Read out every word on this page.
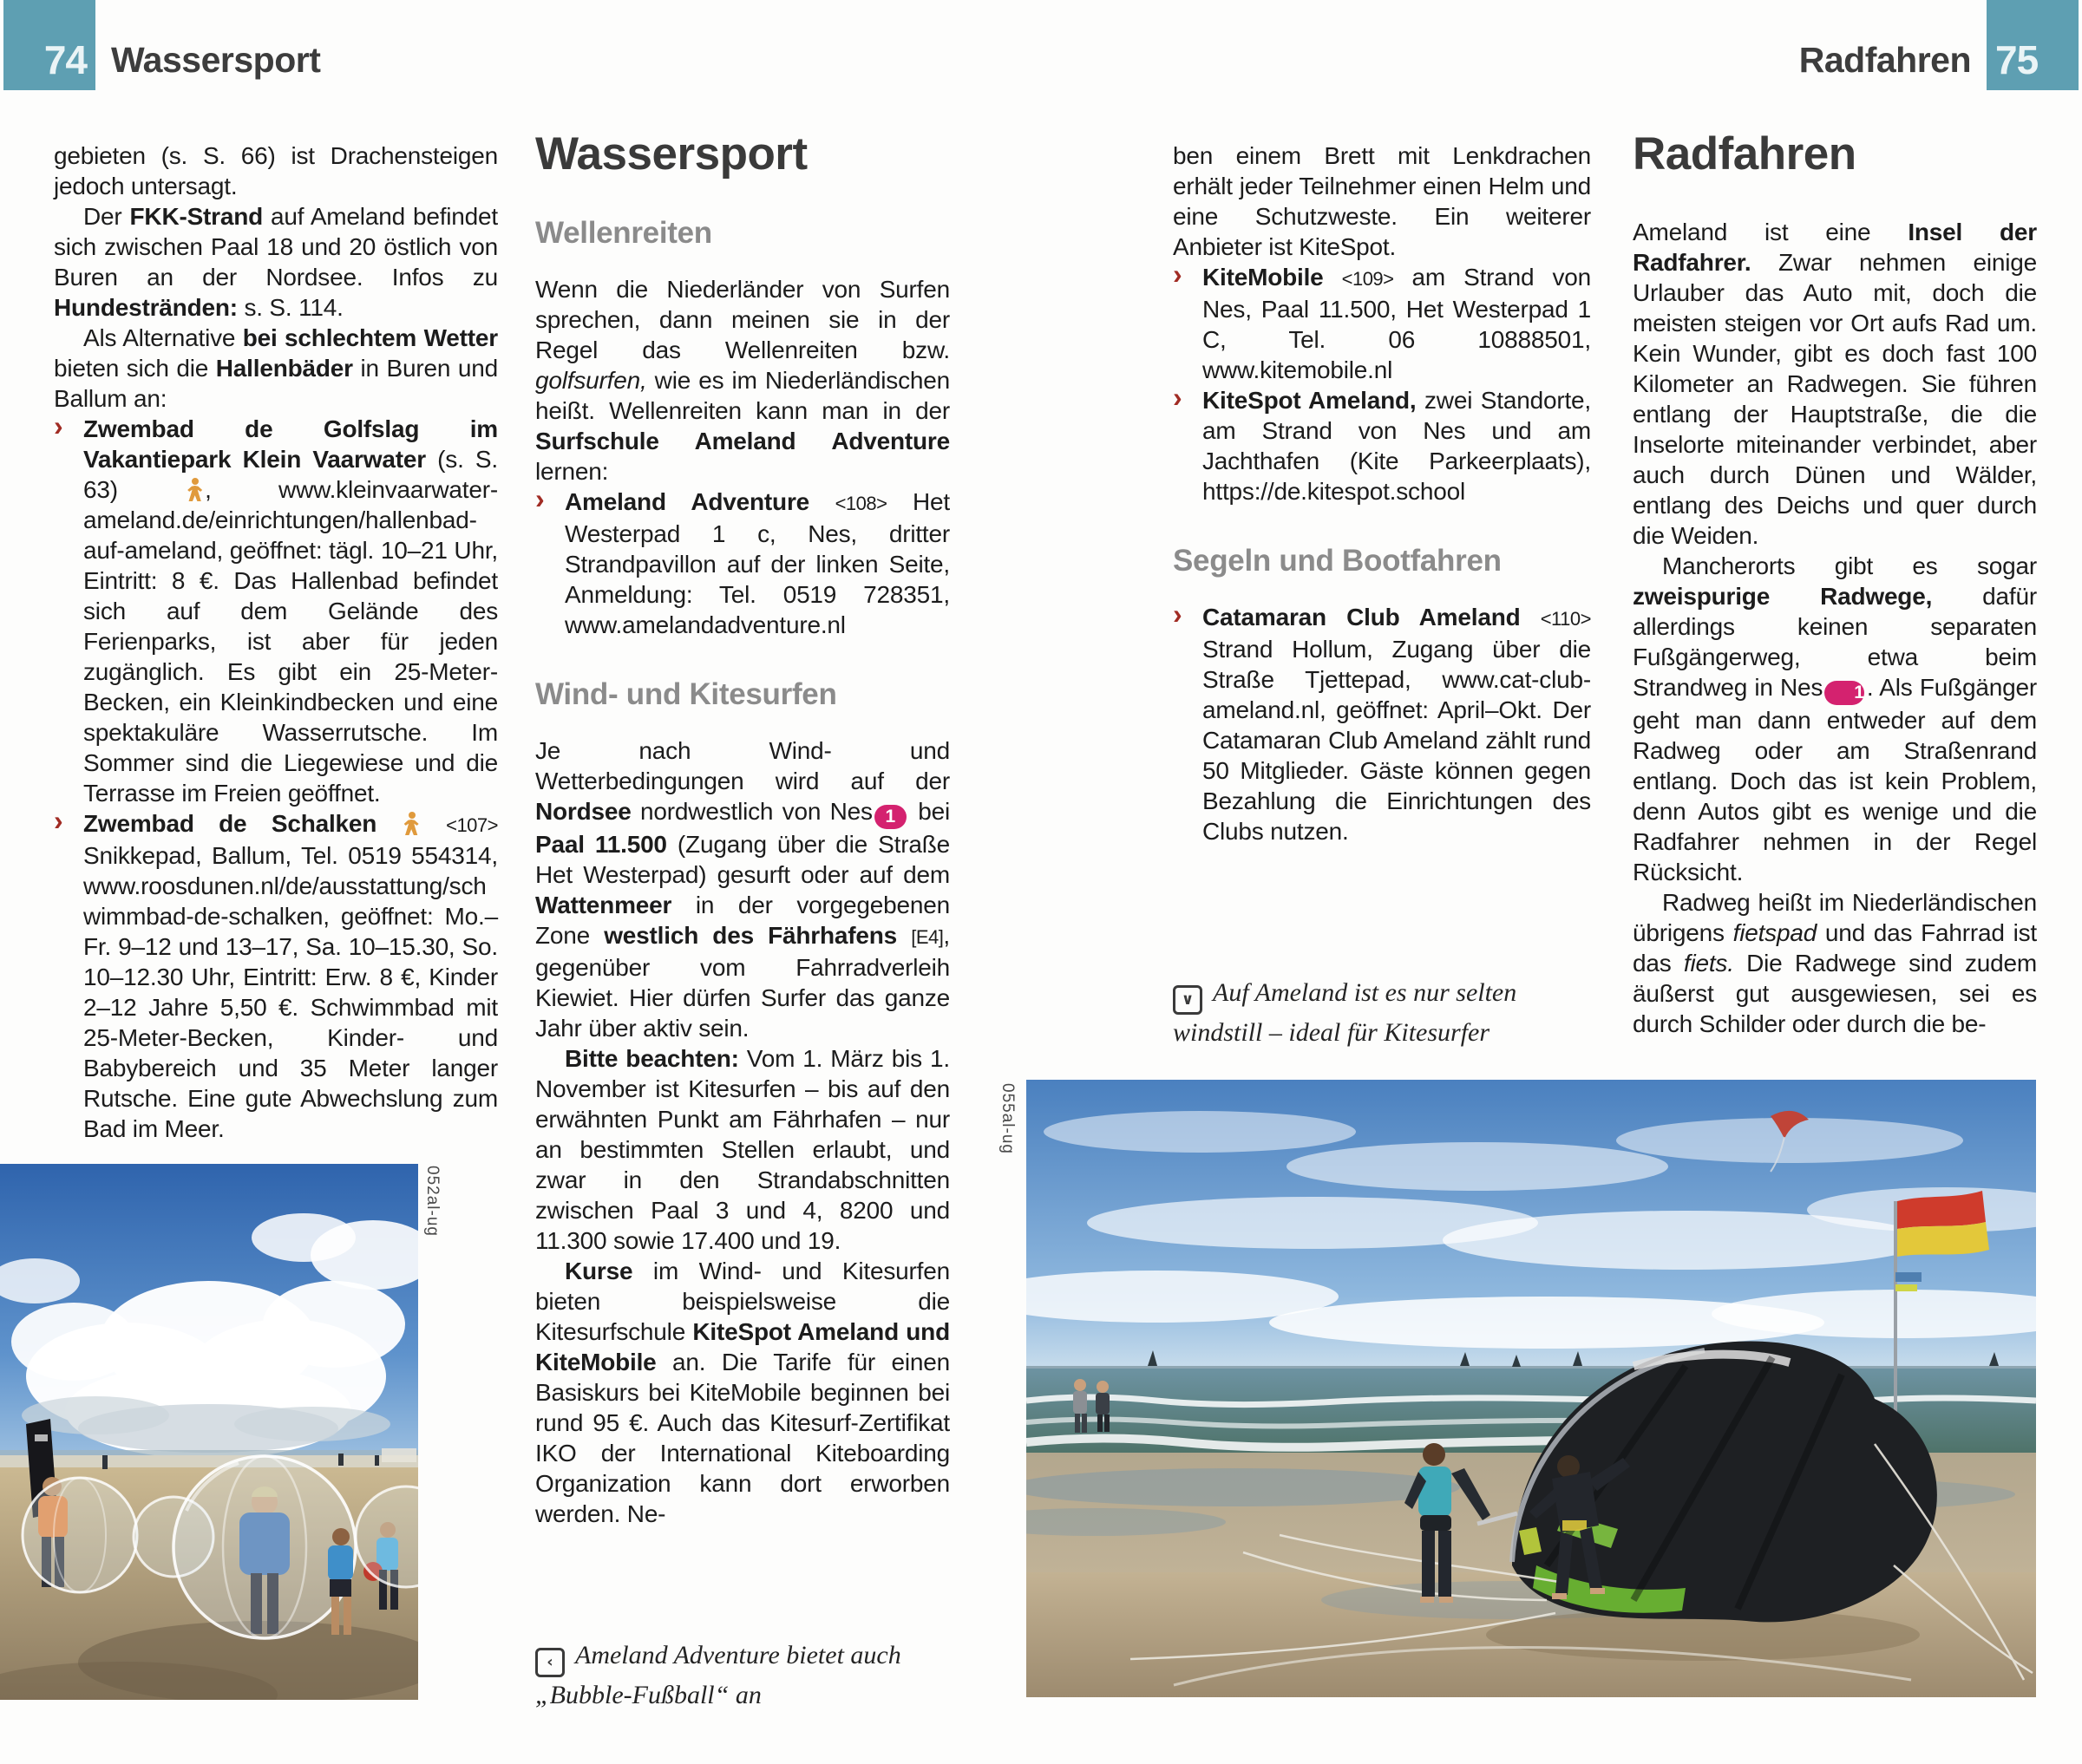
74 Wassersport	Radfahren 75

gebieten (s. S. 66) ist Drachensteigen jedoch untersagt.

Der FKK-Strand auf Ameland befindet sich zwischen Paal 18 und 20 östlich von Buren an der Nordsee. Infos zu Hundestränden: s. S. 114.

Als Alternative bei schlechtem Wetter bieten sich die Hallenbäder in Buren und Ballum an:

› Zwembad de Golfslag im Vakantiepark Klein Vaarwater (s. S. 63) , www.kleinvaarwater-ameland.de/einrichtungen/hallenbad-auf-ameland, geöffnet: tägl. 10–21 Uhr, Eintritt: 8 €. Das Hallenbad befindet sich auf dem Gelände des Ferienparks, ist aber für jeden zugänglich. Es gibt ein 25-Meter-Becken, ein Kleinkindbecken und eine spektakuläre Wasserrutsche. Im Sommer sind die Liegewiese und die Terrasse im Freien geöffnet.
› Zwembad de Schalken	<107> Snikkepad, Ballum, Tel. 0519 554314, www.roosdunen.nl/de/ausstattung/schwimmbad-de-schalken, geöffnet: Mo.–Fr. 9–12 und 13–17, Sa. 10–15.30, So. 10–12.30 Uhr, Eintritt: Erw. 8 €, Kinder 2–12 Jahre 5,50 €. Schwimmbad mit 25-Meter-Becken, Kinder- und Babybereich und 35 Meter langer Rutsche. Eine gute Abwechslung zum Bad im Meer.
Wassersport
Wellenreiten

Wenn die Niederländer von Surfen sprechen, dann meinen sie in der Regel das Wellenreiten bzw. golfsurfen, wie es im Niederländischen heißt. Wellenreiten kann man in der Surfschule Ameland Adventure lernen:

› Ameland Adventure <108> Het Westerpad 1 c, Nes, dritter Strandpavillon auf der linken Seite, Anmeldung: Tel. 0519 728351, www.amelandadventure.nl
Wind- und Kitesurfen

Je nach Wind- und Wetterbedingungen wird auf der Nordsee nordwestlich von Nes 1 bei Paal 11.500 (Zugang über die Straße Het Westerpad) gesurft oder auf dem Wattenmeer in der vorgegebenen Zone westlich des Fährhafens [E4], gegenüber vom Fahrradverleih Kiewiet. Hier dürfen Surfer das ganze Jahr über aktiv sein.

Bitte beachten: Vom 1. März bis 1. November ist Kitesurfen – bis auf den erwähnten Punkt am Fährhafen – nur an bestimmten Stellen erlaubt, und zwar in den Strandabschnitten zwischen Paal 3 und 4, 8200 und 11.300 sowie 17.400 und 19.

Kurse im Wind- und Kitesurfen bieten beispielsweise die Kitesurfschule KiteSpot Ameland und KiteMobile an. Die Tarife für einen Basiskurs bei KiteMobile beginnen bei rund 95 €. Auch das Kitesurf-Zertifikat IKO der International Kiteboarding Organization kann dort erworben werden. Ne-

ben einem Brett mit Lenkdrachen erhält jeder Teilnehmer einen Helm und eine Schutzweste. Ein weiterer Anbieter ist KiteSpot.

› KiteMobile <109> am Strand von Nes, Paal 11.500, Het Westerpad 1 C, Tel. 06 10888501, www.kitemobile.nl
› KiteSpot Ameland, zwei Standorte, am Strand von Nes und am Jachthafen (Kite Parkeerplaats), https://de.kitespot.school
Segeln und Bootfahren
› Catamaran Club Ameland <110> Strand Hollum, Zugang über die Straße Tjettepad, www.cat-club-ameland.nl, geöffnet: April–Okt. Der Catamaran Club Ameland zählt rund 50 Mitglieder. Gäste können gegen Bezahlung die Einrichtungen des Clubs nutzen.
Radfahren

Ameland ist eine Insel der Radfahrer. Zwar nehmen einige Urlauber das Auto mit, doch die meisten steigen vor Ort aufs Rad um. Kein Wunder, gibt es doch fast 100 Kilometer an Radwegen. Sie führen entlang der Hauptstraße, die die Inselorte miteinander verbindet, aber auch durch Dünen und Wälder, entlang des Deichs und quer durch die Weiden.

Mancherorts gibt es sogar zweispurige Radwege, dafür allerdings keinen separaten Fußgängerweg, etwa beim Strandweg in Nes 1 . Als Fußgänger geht man dann entweder auf dem Radweg oder am Straßenrand entlang. Doch das ist kein Problem, denn Autos gibt es wenige und die Radfahrer nehmen in der Regel Rücksicht.

Radweg heißt im Niederländischen übrigens fietspad und das Fahrrad ist das fiets. Die Radwege sind zudem äußerst gut ausgewiesen, sei es durch Schilder oder durch die be-

‹ Ameland Adventure bietet auch „Bubble-Fußball“ an
∨ Auf Ameland ist es nur selten windstill – ideal für Kitesurfer
052al-ug
055al-ug
